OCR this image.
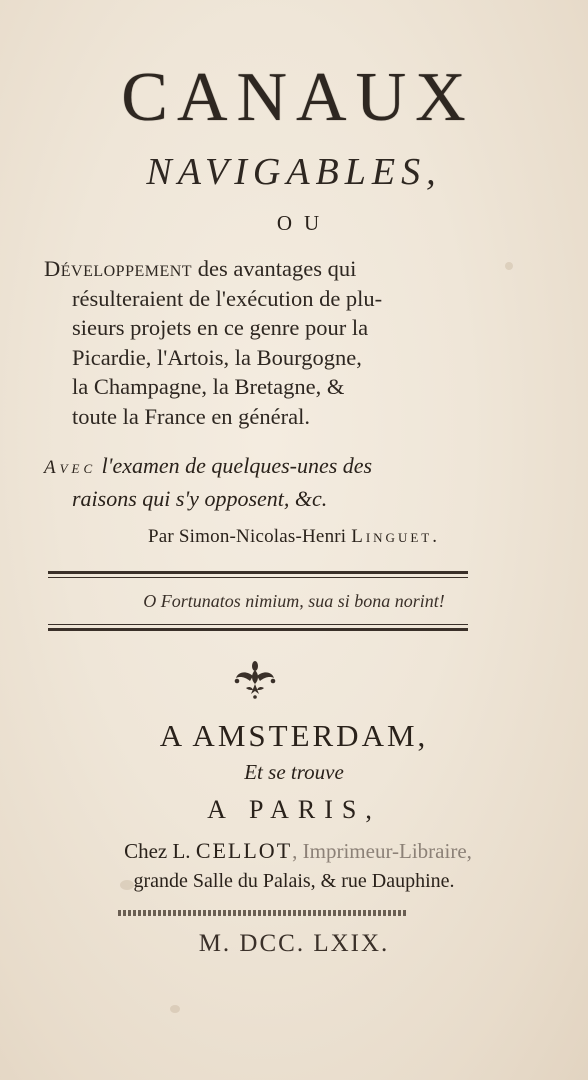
CANAUX
NAVIGABLES,
OU
Développement des avantages qui
résulteraient de l'exécution de plu-
sieurs projets en ce genre pour la
Picardie, l'Artois, la Bourgogne,
la Champagne, la Bretagne, &
toute la France en général.
Avec l'examen de quelques-unes des
raisons qui s'y opposent, &c.
Par Simon-Nicolas-Henri Linguet.
O Fortunatos nimium, sua si bona norint!
A AMSTERDAM,
Et se trouve
A PARIS,
Chez L. CELLOT, Imprimeur-Libraire,
grande Salle du Palais, & rue Dauphine.
M. DCC. LXIX.
